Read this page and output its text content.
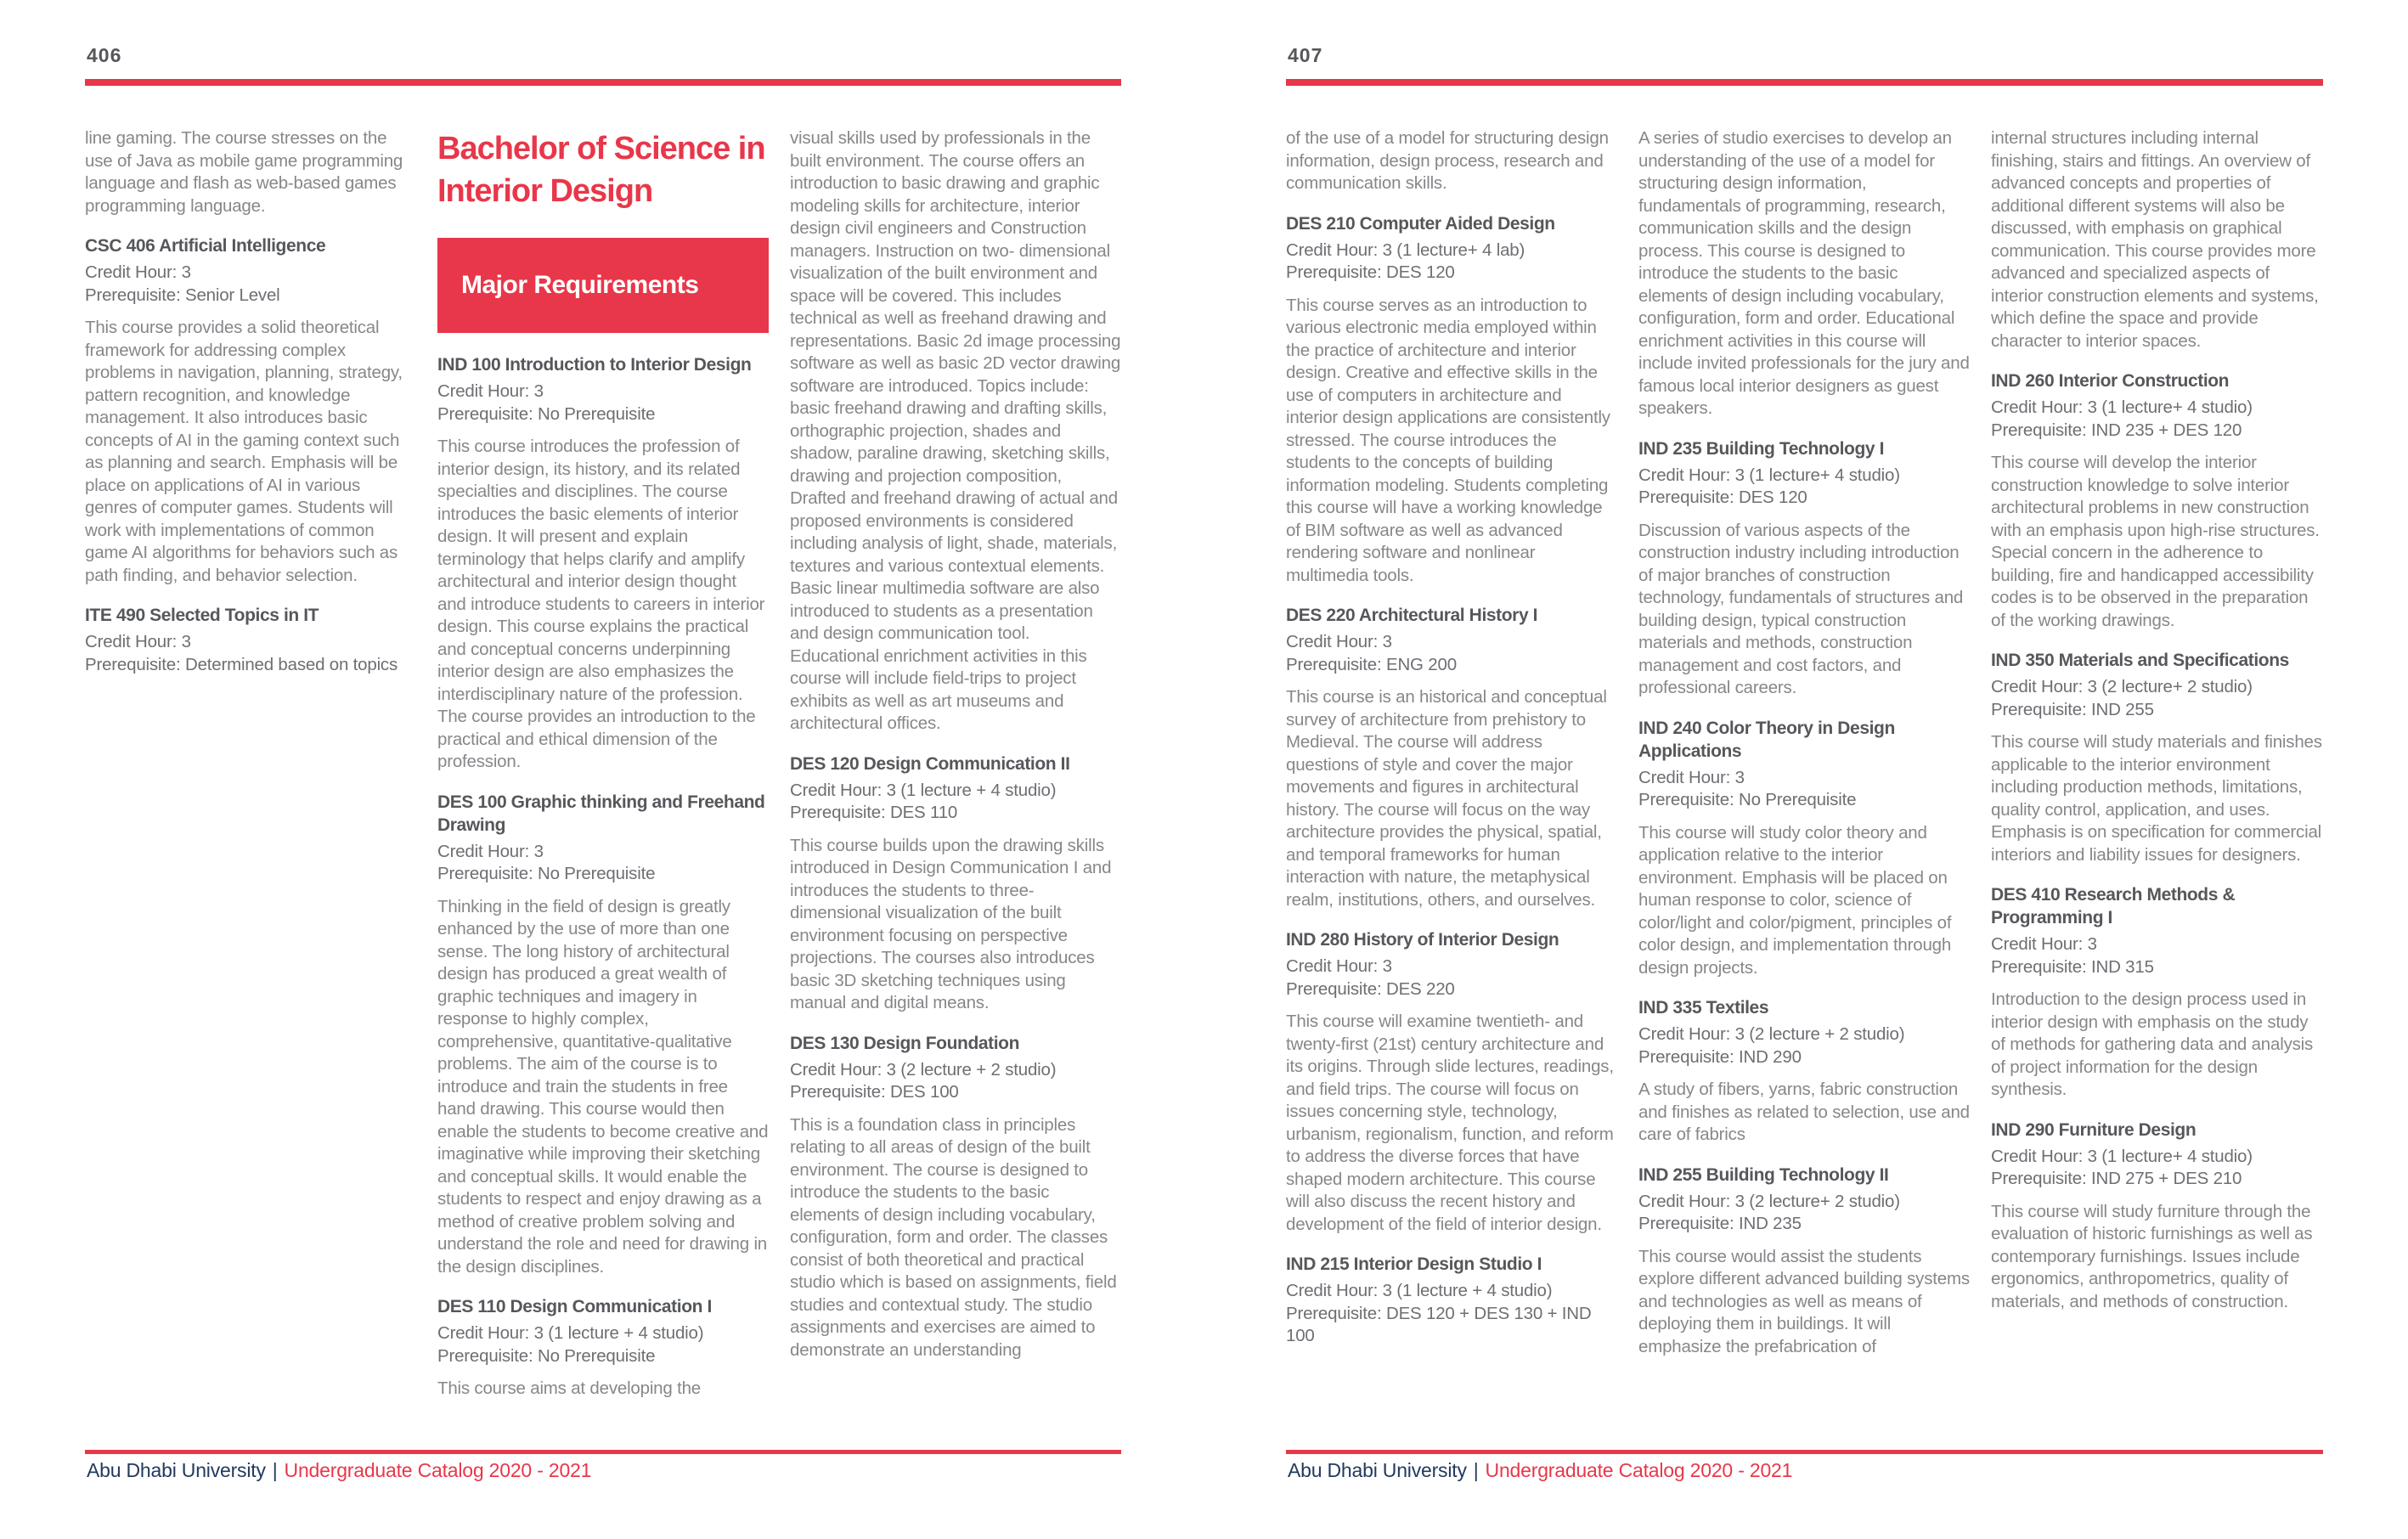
406

line gaming. The course stresses on the use of Java as mobile game programming language and flash as web-based games programming language.

CSC 406 Artificial Intelligence
Credit Hour: 3
Prerequisite: Senior Level

This course provides a solid theoretical framework for addressing complex problems in navigation, planning, strategy, pattern recognition, and knowledge management. It also introduces basic concepts of AI in the gaming context such as planning and search. Emphasis will be place on applications of AI in various genres of computer games. Students will work with implementations of common game AI algorithms for behaviors such as path finding, and behavior selection.

ITE 490 Selected Topics in IT
Credit Hour: 3
Prerequisite: Determined based on topics
Bachelor of Science in Interior Design
Major Requirements
IND 100 Introduction to Interior Design
Credit Hour: 3
Prerequisite: No Prerequisite

This course introduces the profession of interior design, its history, and its related specialties and disciplines. The course introduces the basic elements of interior design. It will present and explain terminology that helps clarify and amplify architectural and interior design thought and introduce students to careers in interior design. This course explains the practical and conceptual concerns underpinning interior design are also emphasizes the interdisciplinary nature of the profession. The course provides an introduction to the practical and ethical dimension of the profession.

DES 100 Graphic thinking and Freehand Drawing
Credit Hour: 3
Prerequisite: No Prerequisite

Thinking in the field of design is greatly enhanced by the use of more than one sense. The long history of architectural design has produced a great wealth of graphic techniques and imagery in response to highly complex, comprehensive, quantitative-qualitative problems. The aim of the course is to introduce and train the students in free hand drawing. This course would then enable the students to become creative and imaginative while improving their sketching and conceptual skills. It would enable the students to respect and enjoy drawing as a method of creative problem solving and understand the role and need for drawing in the design disciplines.

DES 110 Design Communication I
Credit Hour: 3 (1 lecture + 4 studio)
Prerequisite: No Prerequisite

This course aims at developing the

visual skills used by professionals in the built environment. The course offers an introduction to basic drawing and graphic modeling skills for architecture, interior design civil engineers and Construction managers. Instruction on two- dimensional visualization of the built environment and space will be covered. This includes technical as well as freehand drawing and representations. Basic 2d image processing software as well as basic 2D vector drawing software are introduced. Topics include: basic freehand drawing and drafting skills, orthographic projection, shades and shadow, paraline drawing, sketching skills, drawing and projection composition, Drafted and freehand drawing of actual and proposed environments is considered including analysis of light, shade, materials, textures and various contextual elements. Basic linear multimedia software are also introduced to students as a presentation and design communication tool. Educational enrichment activities in this course will include field-trips to project exhibits as well as art museums and architectural offices.

DES 120 Design Communication II
Credit Hour: 3 (1 lecture + 4 studio)
Prerequisite: DES 110

This course builds upon the drawing skills introduced in Design Communication I and introduces the students to three-dimensional visualization of the built environment focusing on perspective projections. The courses also introduces basic 3D sketching techniques using manual and digital means.

DES 130 Design Foundation
Credit Hour: 3 (2 lecture + 2 studio)
Prerequisite: DES 100

This is a foundation class in principles relating to all areas of design of the built environment. The course is designed to introduce the students to the basic elements of design including vocabulary, configuration, form and order. The classes consist of both theoretical and practical studio which is based on assignments, field studies and contextual study. The studio assignments and exercises are aimed to demonstrate an understanding

Abu Dhabi University | Undergraduate Catalog 2020 - 2021
407

of the use of a model for structuring design information, design process, research and communication skills.

DES 210 Computer Aided Design
Credit Hour: 3 (1 lecture+ 4 lab)
Prerequisite: DES 120

This course serves as an introduction to various electronic media employed within the practice of architecture and interior design. Creative and effective skills in the use of computers in architecture and interior design applications are consistently stressed. The course introduces the students to the concepts of building information modeling. Students completing this course will have a working knowledge of BIM software as well as advanced rendering software and nonlinear multimedia tools.

DES 220 Architectural History I
Credit Hour: 3
Prerequisite: ENG 200

This course is an historical and conceptual survey of architecture from prehistory to Medieval. The course will address questions of style and cover the major movements and figures in architectural history. The course will focus on the way architecture provides the physical, spatial, and temporal frameworks for human interaction with nature, the metaphysical realm, institutions, others, and ourselves.

IND 280 History of Interior Design
Credit Hour: 3
Prerequisite: DES 220

This course will examine twentieth- and twenty-first (21st) century architecture and its origins. Through slide lectures, readings, and field trips. The course will focus on issues concerning style, technology, urbanism, regionalism, function, and reform to address the diverse forces that have shaped modern architecture. This course will also discuss the recent history and development of the field of interior design.

IND 215 Interior Design Studio I
Credit Hour: 3 (1 lecture + 4 studio)
Prerequisite: DES 120 + DES 130 + IND 100

A series of studio exercises to develop an understanding of the use of a model for structuring design information, fundamentals of programming, research, communication skills and the design process. This course is designed to introduce the students to the basic elements of design including vocabulary, configuration, form and order. Educational enrichment activities in this course will include invited professionals for the jury and famous local interior designers as guest speakers.

IND 235 Building Technology I
Credit Hour: 3 (1 lecture+ 4 studio)
Prerequisite: DES 120

Discussion of various aspects of the construction industry including introduction of major branches of construction technology, fundamentals of structures and building design, typical construction materials and methods, construction management and cost factors, and professional careers.

IND 240 Color Theory in Design Applications
Credit Hour: 3
Prerequisite: No Prerequisite

This course will study color theory and application relative to the interior environment. Emphasis will be placed on human response to color, science of color/light and color/pigment, principles of color design, and implementation through design projects.

IND 335 Textiles
Credit Hour: 3 (2 lecture + 2 studio)
Prerequisite: IND 290

A study of fibers, yarns, fabric construction and finishes as related to selection, use and care of fabrics

IND 255 Building Technology II
Credit Hour: 3 (2 lecture+ 2 studio)
Prerequisite: IND 235

This course would assist the students explore different advanced building systems and technologies as well as means of deploying them in buildings. It will emphasize the prefabrication of

internal structures including internal finishing, stairs and fittings. An overview of advanced concepts and properties of additional different systems will also be discussed, with emphasis on graphical communication. This course provides more advanced and specialized aspects of interior construction elements and systems, which define the space and provide character to interior spaces.

IND 260 Interior Construction
Credit Hour: 3 (1 lecture+ 4 studio)
Prerequisite: IND 235 + DES 120

This course will develop the interior construction knowledge to solve interior architectural problems in new construction with an emphasis upon high-rise structures. Special concern in the adherence to building, fire and handicapped accessibility codes is to be observed in the preparation of the working drawings.

IND 350 Materials and Specifications
Credit Hour: 3 (2 lecture+ 2 studio)
Prerequisite: IND 255

This course will study materials and finishes applicable to the interior environment including production methods, limitations, quality control, application, and uses. Emphasis is on specification for commercial interiors and liability issues for designers.

DES 410 Research Methods & Programming I
Credit Hour: 3
Prerequisite: IND 315

Introduction to the design process used in interior design with emphasis on the study of methods for gathering data and analysis of project information for the design synthesis.

IND 290 Furniture Design
Credit Hour: 3 (1 lecture+ 4 studio)
Prerequisite: IND 275 + DES 210

This course will study furniture through the evaluation of historic furnishings as well as contemporary furnishings. Issues include ergonomics, anthropometrics, quality of materials, and methods of construction.

Abu Dhabi University | Undergraduate Catalog 2020 - 2021
